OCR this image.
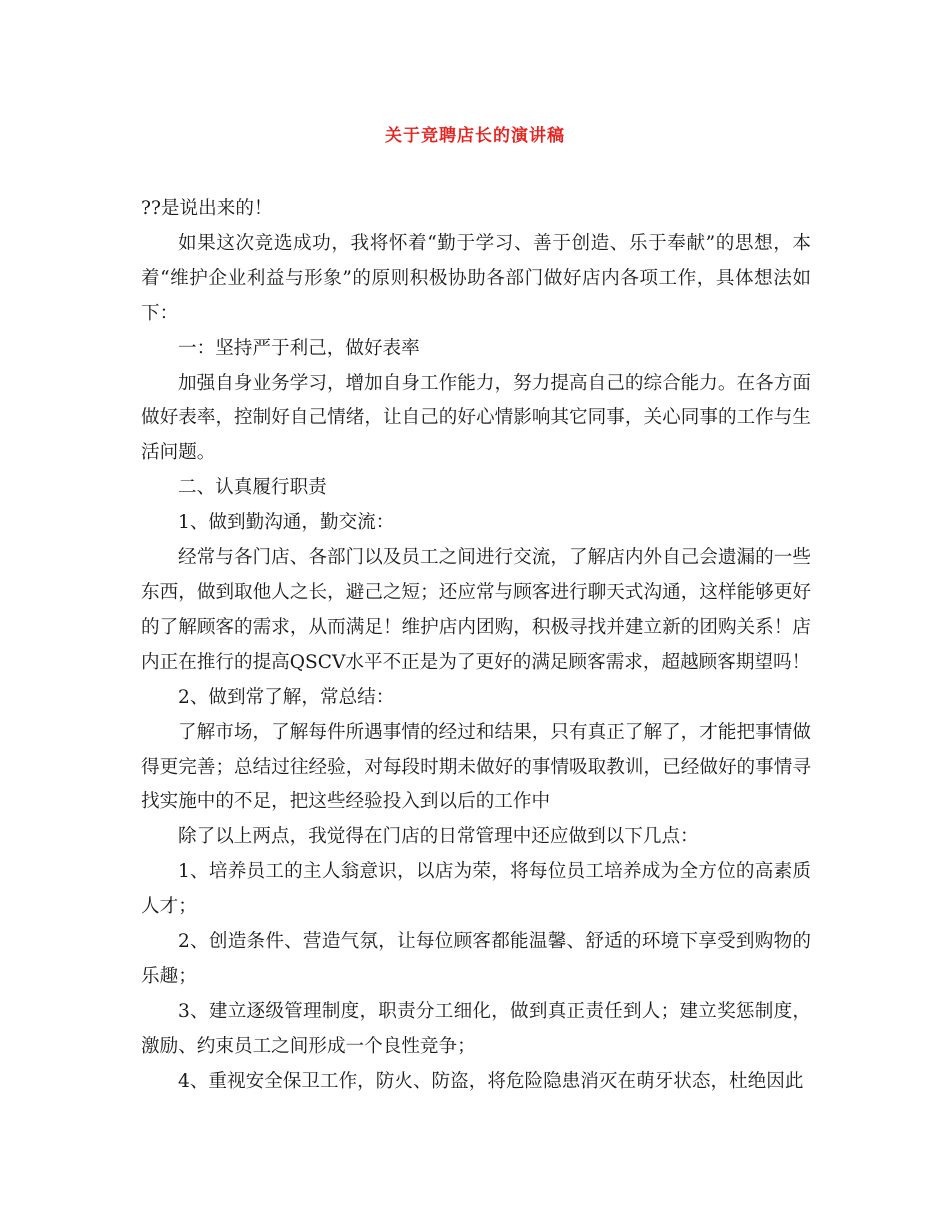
关于竞聘店长的演讲稿

??是说出来的！

如果这次竞选成功，我将怀着“勤于学习、善于创造、乐于奉献”的思想，本着“维护企业利益与形象”的原则积极协助各部门做好店内各项工作，具体想法如下：

一：坚持严于利己，做好表率

加强自身业务学习，增加自身工作能力，努力提高自己的综合能力。在各方面做好表率，控制好自己情绪，让自己的好心情影响其它同事，关心同事的工作与生活问题。

二、认真履行职责

1、做到勤沟通，勤交流：

经常与各门店、各部门以及员工之间进行交流，了解店内外自己会遗漏的一些东西，做到取他人之长，避己之短；还应常与顾客进行聊天式沟通，这样能够更好的了解顾客的需求，从而满足！维护店内团购，积极寻找并建立新的团购关系！店内正在推行的提高QSCV水平不正是为了更好的满足顾客需求，超越顾客期望吗！

2、做到常了解，常总结：

了解市场，了解每件所遇事情的经过和结果，只有真正了解了，才能把事情做得更完善；总结过往经验，对每段时期未做好的事情吸取教训，已经做好的事情寻找实施中的不足，把这些经验投入到以后的工作中

除了以上两点，我觉得在门店的日常管理中还应做到以下几点：

1、培养员工的主人翁意识，以店为荣，将每位员工培养成为全方位的高素质人才；

2、创造条件、营造气氛，让每位顾客都能温馨、舒适的环境下享受到购物的乐趣；

3、建立逐级管理制度，职责分工细化，做到真正责任到人；建立奖惩制度，激励、约束员工之间形成一个良性竞争；

4、重视安全保卫工作，防火、防盗，将危险隐患消灭在萌牙状态，杜绝因此
